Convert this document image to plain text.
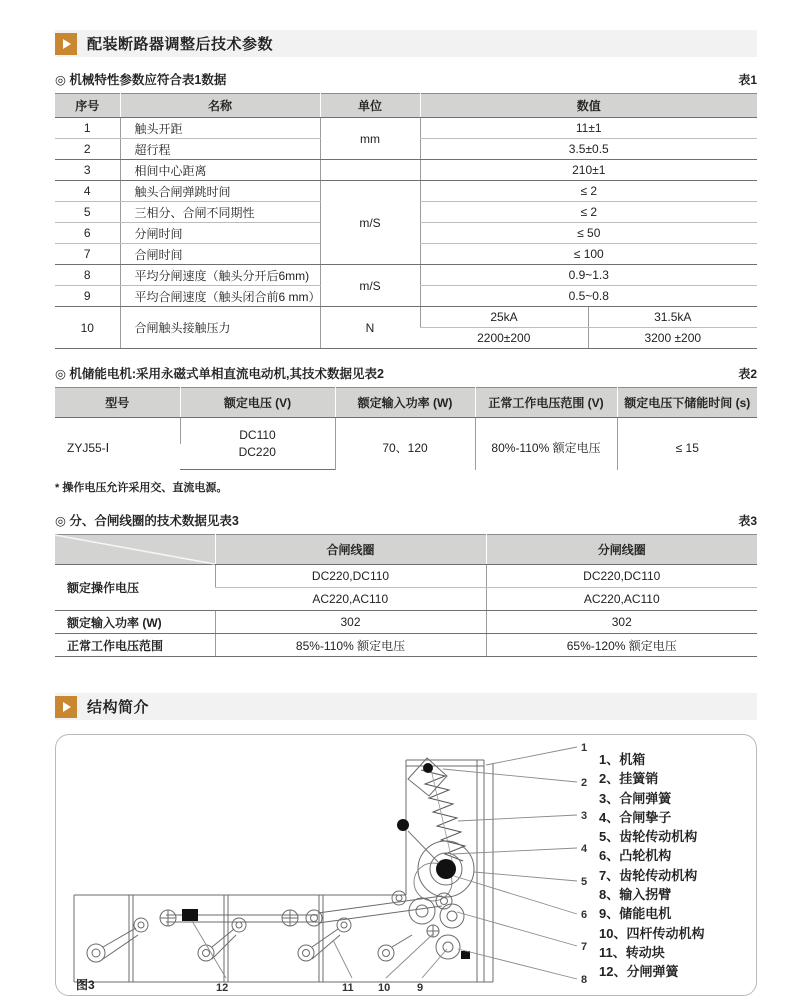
配装断路器调整后技术参数
◎ 机械特性参数应符合表1数据	表1
序号	名称	单位	数值	
1	触头开距	mm	11±1	
2	超行程		3.5±0.5	
3	相间中心距离		210±1	
4	触头合闸弹跳时间	m/S	≤ 2	
5	三相分、合闸不同期性		≤ 2	
6	分闸时间		≤ 50	
7	合闸时间		≤ 100	
8	平均分闸速度（触头分开后6mm)	m/S	0.9~1.3	
9	平均合闸速度（触头闭合前6 mm）		0.5~0.8	
10	合闸触头接触压力	N	25kA	31.5kA
			2200±200	3200 ±200
◎ 机储能电机:采用永磁式单相直流电动机,其技术数据见表2	表2
型号	额定电压 (V)	额定输入功率 (W)	正常工作电压范围 (V)	额定电压下储能时间 (s)
ZYJ55-Ⅰ	DC110	70、120	80%-110% 额定电压	≤ 15
	DC220			
* 操作电压允许采用交、直流电源。
◎ 分、合闸线圈的技术数据见表3	表3
	合闸线圈	分闸线圈
额定操作电压	DC220,DC110	DC220,DC110
	AC220,AC110	AC220,AC110
额定输入功率 (W)	302	302
正常工作电压范围	85%-110% 额定电压	65%-120% 额定电压
结构简介
1
2
3
4
5
6
7
8
9
10
11
12
图3
1、机箱
2、挂簧销
3、合闸弹簧
4、合闸挚子
5、齿轮传动机构
6、凸轮机构
7、齿轮传动机构
8、输入拐臂
9、储能电机
10、四杆传动机构
11、转动块
12、分闸弹簧
